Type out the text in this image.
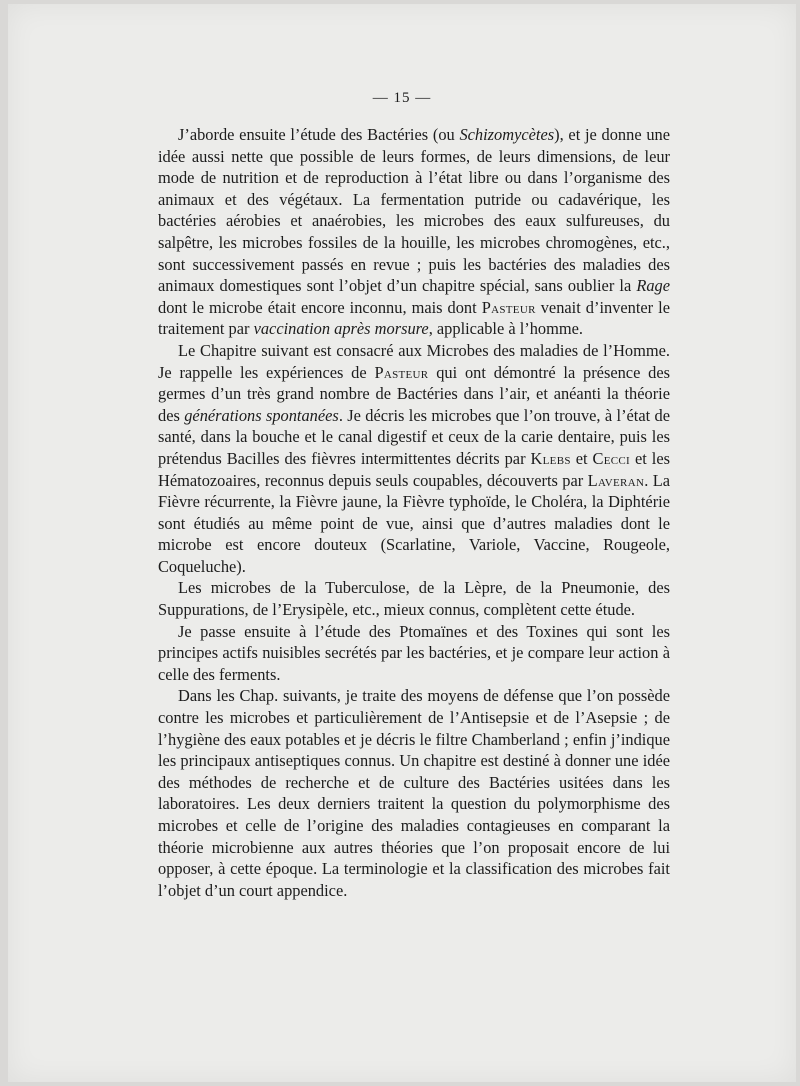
— 15 —

J’aborde ensuite l’étude des Bactéries (ou Schizomycètes), et je donne une idée aussi nette que possible de leurs formes, de leurs dimensions, de leur mode de nutrition et de reproduction à l’état libre ou dans l’organisme des animaux et des végétaux. La fermentation putride ou cadavérique, les bactéries aérobies et anaérobies, les microbes des eaux sulfureuses, du salpêtre, les microbes fossiles de la houille, les microbes chromogènes, etc., sont successivement passés en revue ; puis les bactéries des maladies des animaux domestiques sont l’objet d’un chapitre spécial, sans oublier la Rage dont le microbe était encore inconnu, mais dont Pasteur venait d’inventer le traitement par vaccination après morsure, applicable à l’homme.

Le Chapitre suivant est consacré aux Microbes des maladies de l’Homme. Je rappelle les expériences de Pasteur qui ont démontré la présence des germes d’un très grand nombre de Bactéries dans l’air, et anéanti la théorie des générations spontanées. Je décris les microbes que l’on trouve, à l’état de santé, dans la bouche et le canal digestif et ceux de la carie dentaire, puis les prétendus Bacilles des fièvres intermittentes décrits par Klebs et Cecci et les Hématozoaires, reconnus depuis seuls coupables, découverts par Laveran. La Fièvre récurrente, la Fièvre jaune, la Fièvre typhoïde, le Choléra, la Diphtérie sont étudiés au même point de vue, ainsi que d’autres maladies dont le microbe est encore douteux (Scarlatine, Variole, Vaccine, Rougeole, Coqueluche).

Les microbes de la Tuberculose, de la Lèpre, de la Pneumonie, des Suppurations, de l’Erysipèle, etc., mieux connus, complètent cette étude.

Je passe ensuite à l’étude des Ptomaïnes et des Toxines qui sont les principes actifs nuisibles secrétés par les bactéries, et je compare leur action à celle des ferments.

Dans les Chap. suivants, je traite des moyens de défense que l’on possède contre les microbes et particulièrement de l’Antisepsie et de l’Asepsie ; de l’hygiène des eaux potables et je décris le filtre Chamberland ; enfin j’indique les principaux antiseptiques connus. Un chapitre est destiné à donner une idée des méthodes de recherche et de culture des Bactéries usitées dans les laboratoires. Les deux derniers traitent la question du polymorphisme des microbes et celle de l’origine des maladies contagieuses en comparant la théorie microbienne aux autres théories que l’on proposait encore de lui opposer, à cette époque. La terminologie et la classification des microbes fait l’objet d’un court appendice.
